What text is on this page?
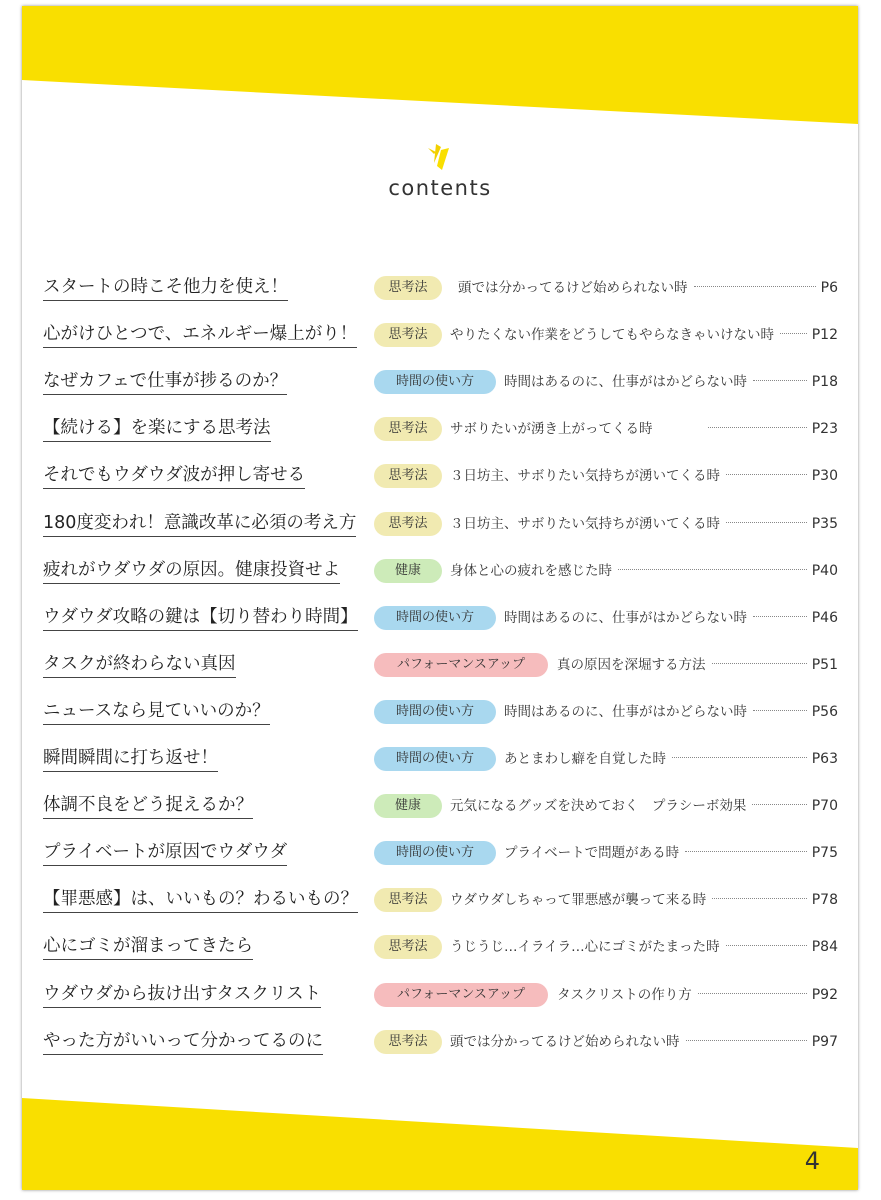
contents
スタートの時こそ他力を使え！	思考法	頭では分かってるけど始められない時	P6
心がけひとつで、エネルギー爆上がり！	思考法	やりたくない作業をどうしてもやらなきゃいけない時	P12
なぜカフェで仕事が捗るのか？	時間の使い方	時間はあるのに、仕事がはかどらない時	P18
【続ける】を楽にする思考法	思考法	サボりたいが湧き上がってくる時	P23
それでもウダウダ波が押し寄せる	思考法	３日坊主、サボりたい気持ちが湧いてくる時	P30
180度変われ！意識改革に必須の考え方	思考法	３日坊主、サボりたい気持ちが湧いてくる時	P35
疲れがウダウダの原因。健康投資せよ	健康	身体と心の疲れを感じた時	P40
ウダウダ攻略の鍵は【切り替わり時間】	時間の使い方	時間はあるのに、仕事がはかどらない時	P46
タスクが終わらない真因	パフォーマンスアップ	真の原因を深堀する方法	P51
ニュースなら見ていいのか？	時間の使い方	時間はあるのに、仕事がはかどらない時	P56
瞬間瞬間に打ち返せ！	時間の使い方	あとまわし癖を自覚した時	P63
体調不良をどう捉えるか？	健康	元気になるグッズを決めておく　プラシーボ効果	P70
プライベートが原因でウダウダ	時間の使い方	プライベートで問題がある時	P75
【罪悪感】は、いいもの？わるいもの？	思考法	ウダウダしちゃって罪悪感が襲って来る時	P78
心にゴミが溜まってきたら	思考法	うじうじ…イライラ…心にゴミがたまった時	P84
ウダウダから抜け出すタスクリスト	パフォーマンスアップ	タスクリストの作り方	P92
やった方がいいって分かってるのに	思考法	頭では分かってるけど始められない時	P97
4
